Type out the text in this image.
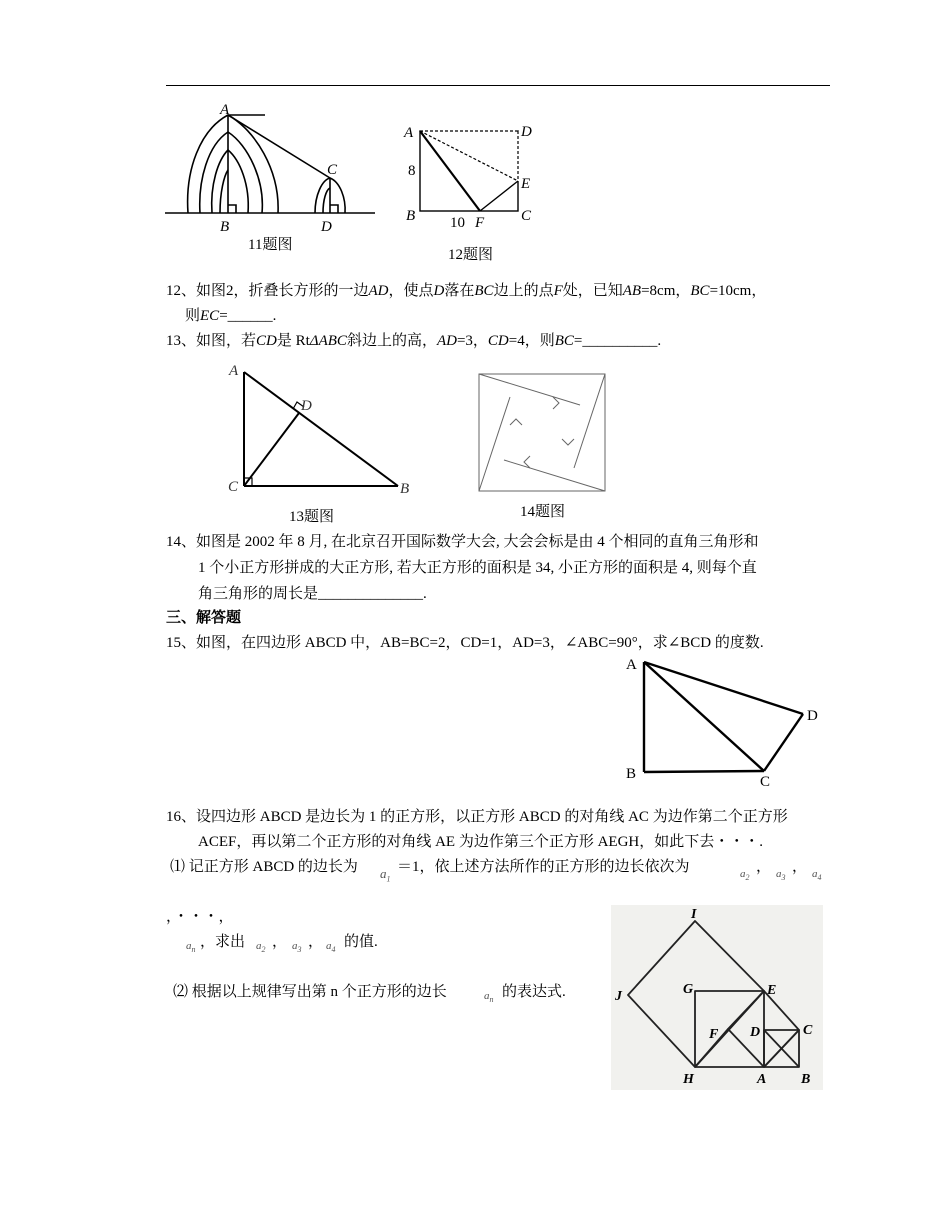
A
B
C
D
11题图
A	D
8
E
B 10 F C
12题图
12、如图2，折叠长方形的一边AD，使点D落在BC边上的点F处，已知AB=8cm，BC=10cm，
则EC=______.
13、如图，若CD是 RtΔABC斜边上的高，AD=3，CD=4，则BC=__________.
A
D
C	B
13题图	14题图
14、如图是 2002 年 8 月, 在北京召开国际数学大会, 大会会标是由 4 个相同的直角三角形和
1 个小正方形拼成的大正方形, 若大正方形的面积是 34, 小正方形的面积是 4, 则每个直
角三角形的周长是______________.
三、解答题
15、如图，在四边形 ABCD 中，AB=BC=2，CD=1，AD=3，∠ABC=90°，求∠BCD 的度数.
A
D
B	C
16、设四边形 ABCD 是边长为 1 的正方形，以正方形 ABCD 的对角线 AC 为边作第二个正方形
ACEF，再以第二个正方形的对角线 AE 为边作第三个正方形 AEGH，如此下去・・・.
⑴ 记正方形 ABCD 的边长为 $a_1$
＝1，依上述方法所作的正方形的边长依次为	$a_2$
， $a_3$
， $a_4$
，・・・，
$a_n$ ，求出 $a_2$ ， $a_3$ ， $a_4$ 的值.
⑵ 根据以上规律写出第 n 个正方形的边长	$a_n$ 的表达式.
I
J	G	E
F D	C
H	A B
